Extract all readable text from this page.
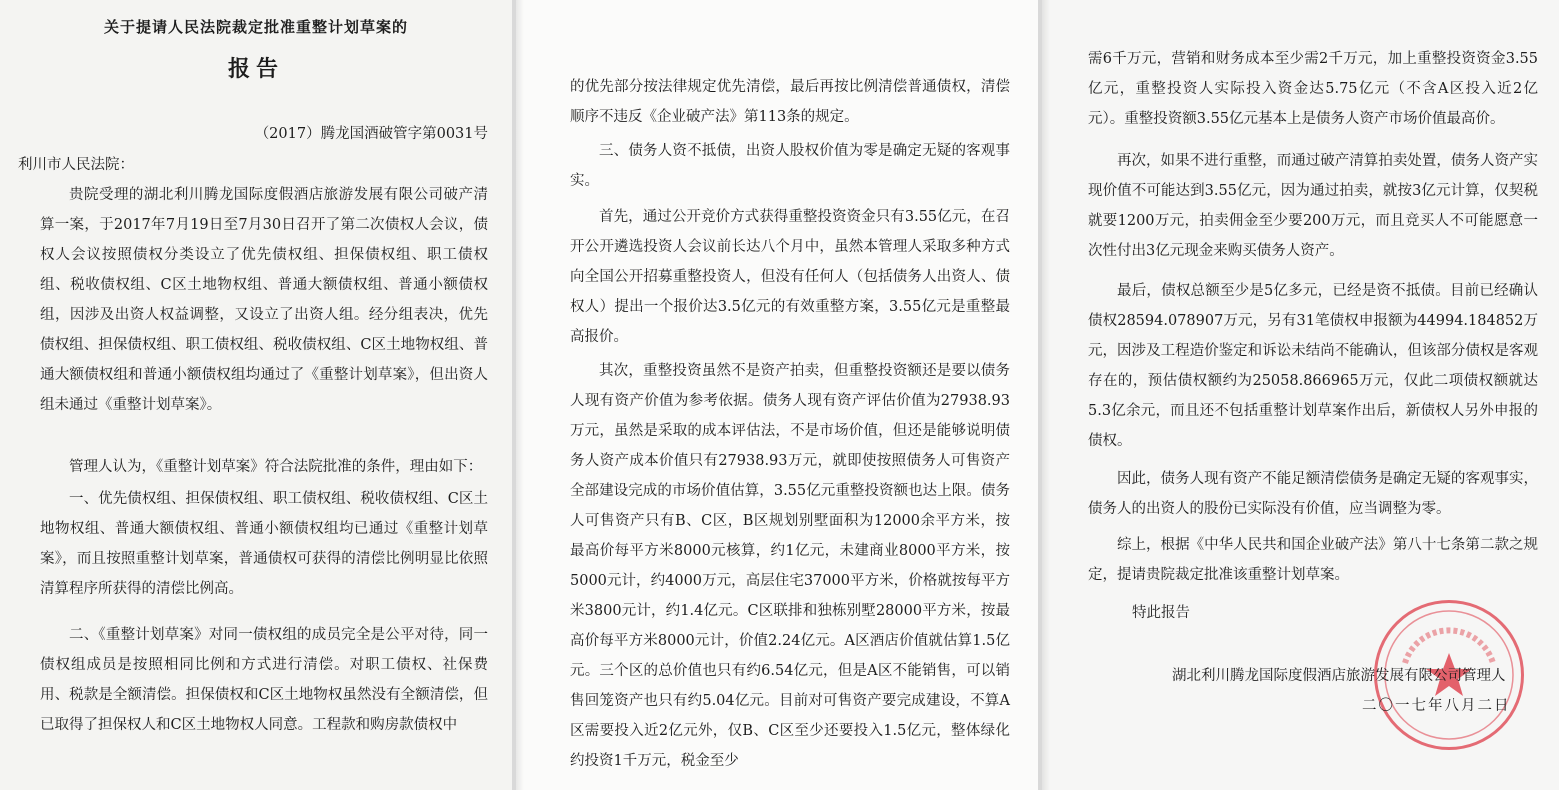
关于提请人民法院裁定批准重整计划草案的
报告
（2017）腾龙国酒破管字第0031号
利川市人民法院：

贵院受理的湖北利川腾龙国际度假酒店旅游发展有限公司破产清算一案，于2017年7月19日至7月30日召开了第二次债权人会议，债权人会议按照债权分类设立了优先债权组、担保债权组、职工债权组、税收债权组、C区土地物权组、普通大额债权组、普通小额债权组，因涉及出资人权益调整，又设立了出资人组。经分组表决，优先债权组、担保债权组、职工债权组、税收债权组、C区土地物权组、普通大额债权组和普通小额债权组均通过了《重整计划草案》，但出资人组未通过《重整计划草案》。

管理人认为，《重整计划草案》符合法院批准的条件，理由如下：

一、优先债权组、担保债权组、职工债权组、税收债权组、C区土地物权组、普通大额债权组、普通小额债权组均已通过《重整计划草案》，而且按照重整计划草案，普通债权可获得的清偿比例明显比依照清算程序所获得的清偿比例高。

二、《重整计划草案》对同一债权组的成员完全是公平对待，同一债权组成员是按照相同比例和方式进行清偿。对职工债权、社保费用、税款是全额清偿。担保债权和C区土地物权虽然没有全额清偿，但已取得了担保权人和C区土地物权人同意。工程款和购房款债权中

的优先部分按法律规定优先清偿，最后再按比例清偿普通债权，清偿顺序不违反《企业破产法》第113条的规定。

三、债务人资不抵债，出资人股权价值为零是确定无疑的客观事实。

首先，通过公开竞价方式获得重整投资资金只有3.55亿元，在召开公开遴选投资人会议前长达八个月中，虽然本管理人采取多种方式向全国公开招募重整投资人，但没有任何人（包括债务人出资人、债权人）提出一个报价达3.5亿元的有效重整方案，3.55亿元是重整最高报价。

其次，重整投资虽然不是资产拍卖，但重整投资额还是要以债务人现有资产价值为参考依据。债务人现有资产评估价值为27938.93万元，虽然是采取的成本评估法，不是市场价值，但还是能够说明债务人资产成本价值只有27938.93万元，就即使按照债务人可售资产全部建设完成的市场价值估算，3.55亿元重整投资额也达上限。债务人可售资产只有B、C区，B区规划别墅面积为12000余平方米，按最高价每平方米8000元核算，约1亿元，未建商业8000平方米，按5000元计，约4000万元，高层住宅37000平方米，价格就按每平方米3800元计，约1.4亿元。C区联排和独栋别墅28000平方米，按最高价每平方米8000元计，价值2.24亿元。A区酒店价值就估算1.5亿元。三个区的总价值也只有约6.54亿元，但是A区不能销售，可以销售回笼资产也只有约5.04亿元。目前对可售资产要完成建设，不算A区需要投入近2亿元外，仅B、C区至少还要投入1.5亿元，整体绿化约投资1千万元，税金至少

需6千万元，营销和财务成本至少需2千万元，加上重整投资资金3.55亿元，重整投资人实际投入资金达5.75亿元（不含A区投入近2亿元）。重整投资额3.55亿元基本上是债务人资产市场价值最高价。

再次，如果不进行重整，而通过破产清算拍卖处置，债务人资产实现价值不可能达到3.55亿元，因为通过拍卖，就按3亿元计算，仅契税就要1200万元，拍卖佣金至少要200万元，而且竞买人不可能愿意一次性付出3亿元现金来购买债务人资产。

最后，债权总额至少是5亿多元，已经是资不抵债。目前已经确认债权28594.078907万元，另有31笔债权申报额为44994.184852万元，因涉及工程造价鉴定和诉讼未结尚不能确认，但该部分债权是客观存在的，预估债权额约为25058.866965万元，仅此二项债权额就达5.3亿余元，而且还不包括重整计划草案作出后，新债权人另外申报的债权。

因此，债务人现有资产不能足额清偿债务是确定无疑的客观事实，债务人的出资人的股份已实际没有价值，应当调整为零。

综上，根据《中华人民共和国企业破产法》第八十七条第二款之规定，提请贵院裁定批准该重整计划草案。

特此报告
湖北利川腾龙国际度假酒店旅游发展有限公司管理人
二〇一七年八月二日
